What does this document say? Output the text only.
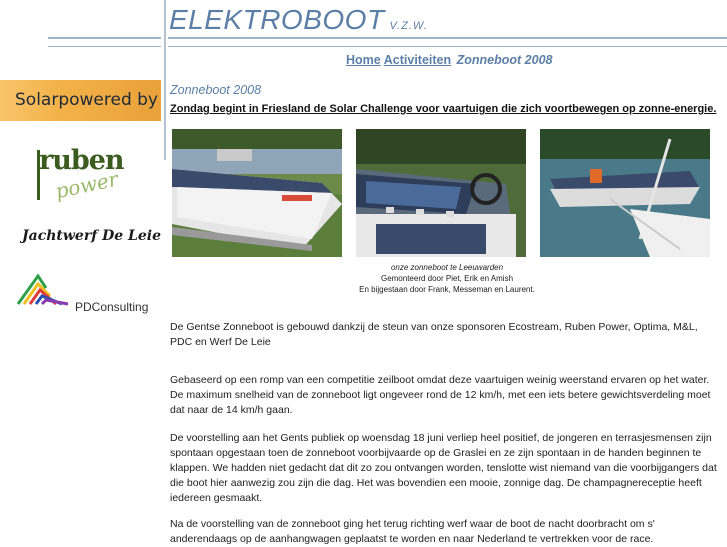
ELEKTROBOOT V.Z.W.
Home Activiteiten Zonneboot 2008
Solarpowered by
ruben
power
Jachtwerf De Leie
PDConsulting
Zonneboot 2008
Zondag begint in Friesland de Solar Challenge voor vaartuigen die zich voortbewegen op zonne-energie.
onze zonneboot te Leeuwarden
Gemonteerd door Piet, Erik en Amish
En bijgestaan door Frank, Messeman en Laurent.
De Gentse Zonneboot is gebouwd dankzij de steun van onze sponsoren Ecostream, Ruben Power, Optima, M&L, PDC en Werf De Leie
Gebaseerd op een romp van een competitie zeilboot omdat deze vaartuigen weinig weerstand ervaren op het water. De maximum snelheid van de zonneboot ligt ongeveer rond de 12 km/h, met een iets betere gewichtsverdeling moet dat naar de 14 km/h gaan.
De voorstelling aan het Gents publiek op woensdag 18 juni verliep heel positief, de jongeren en terrasjesmensen zijn spontaan opgestaan toen de zonneboot voorbijvaarde op de Graslei en ze zijn spontaan in de handen beginnen te klappen. We hadden niet gedacht dat dit zo zou ontvangen worden, tenslotte wist niemand van die voorbijgangers dat die boot hier aanwezig zou zijn die dag. Het was bovendien een mooie, zonnige dag. De champagnereceptie heeft iedereen gesmaakt.
Na de voorstelling van de zonneboot ging het terug richting werf waar de boot de nacht doorbracht om s' anderendaags op de aanhangwagen geplaatst te worden en naar Nederland te vertrekken voor de race.
